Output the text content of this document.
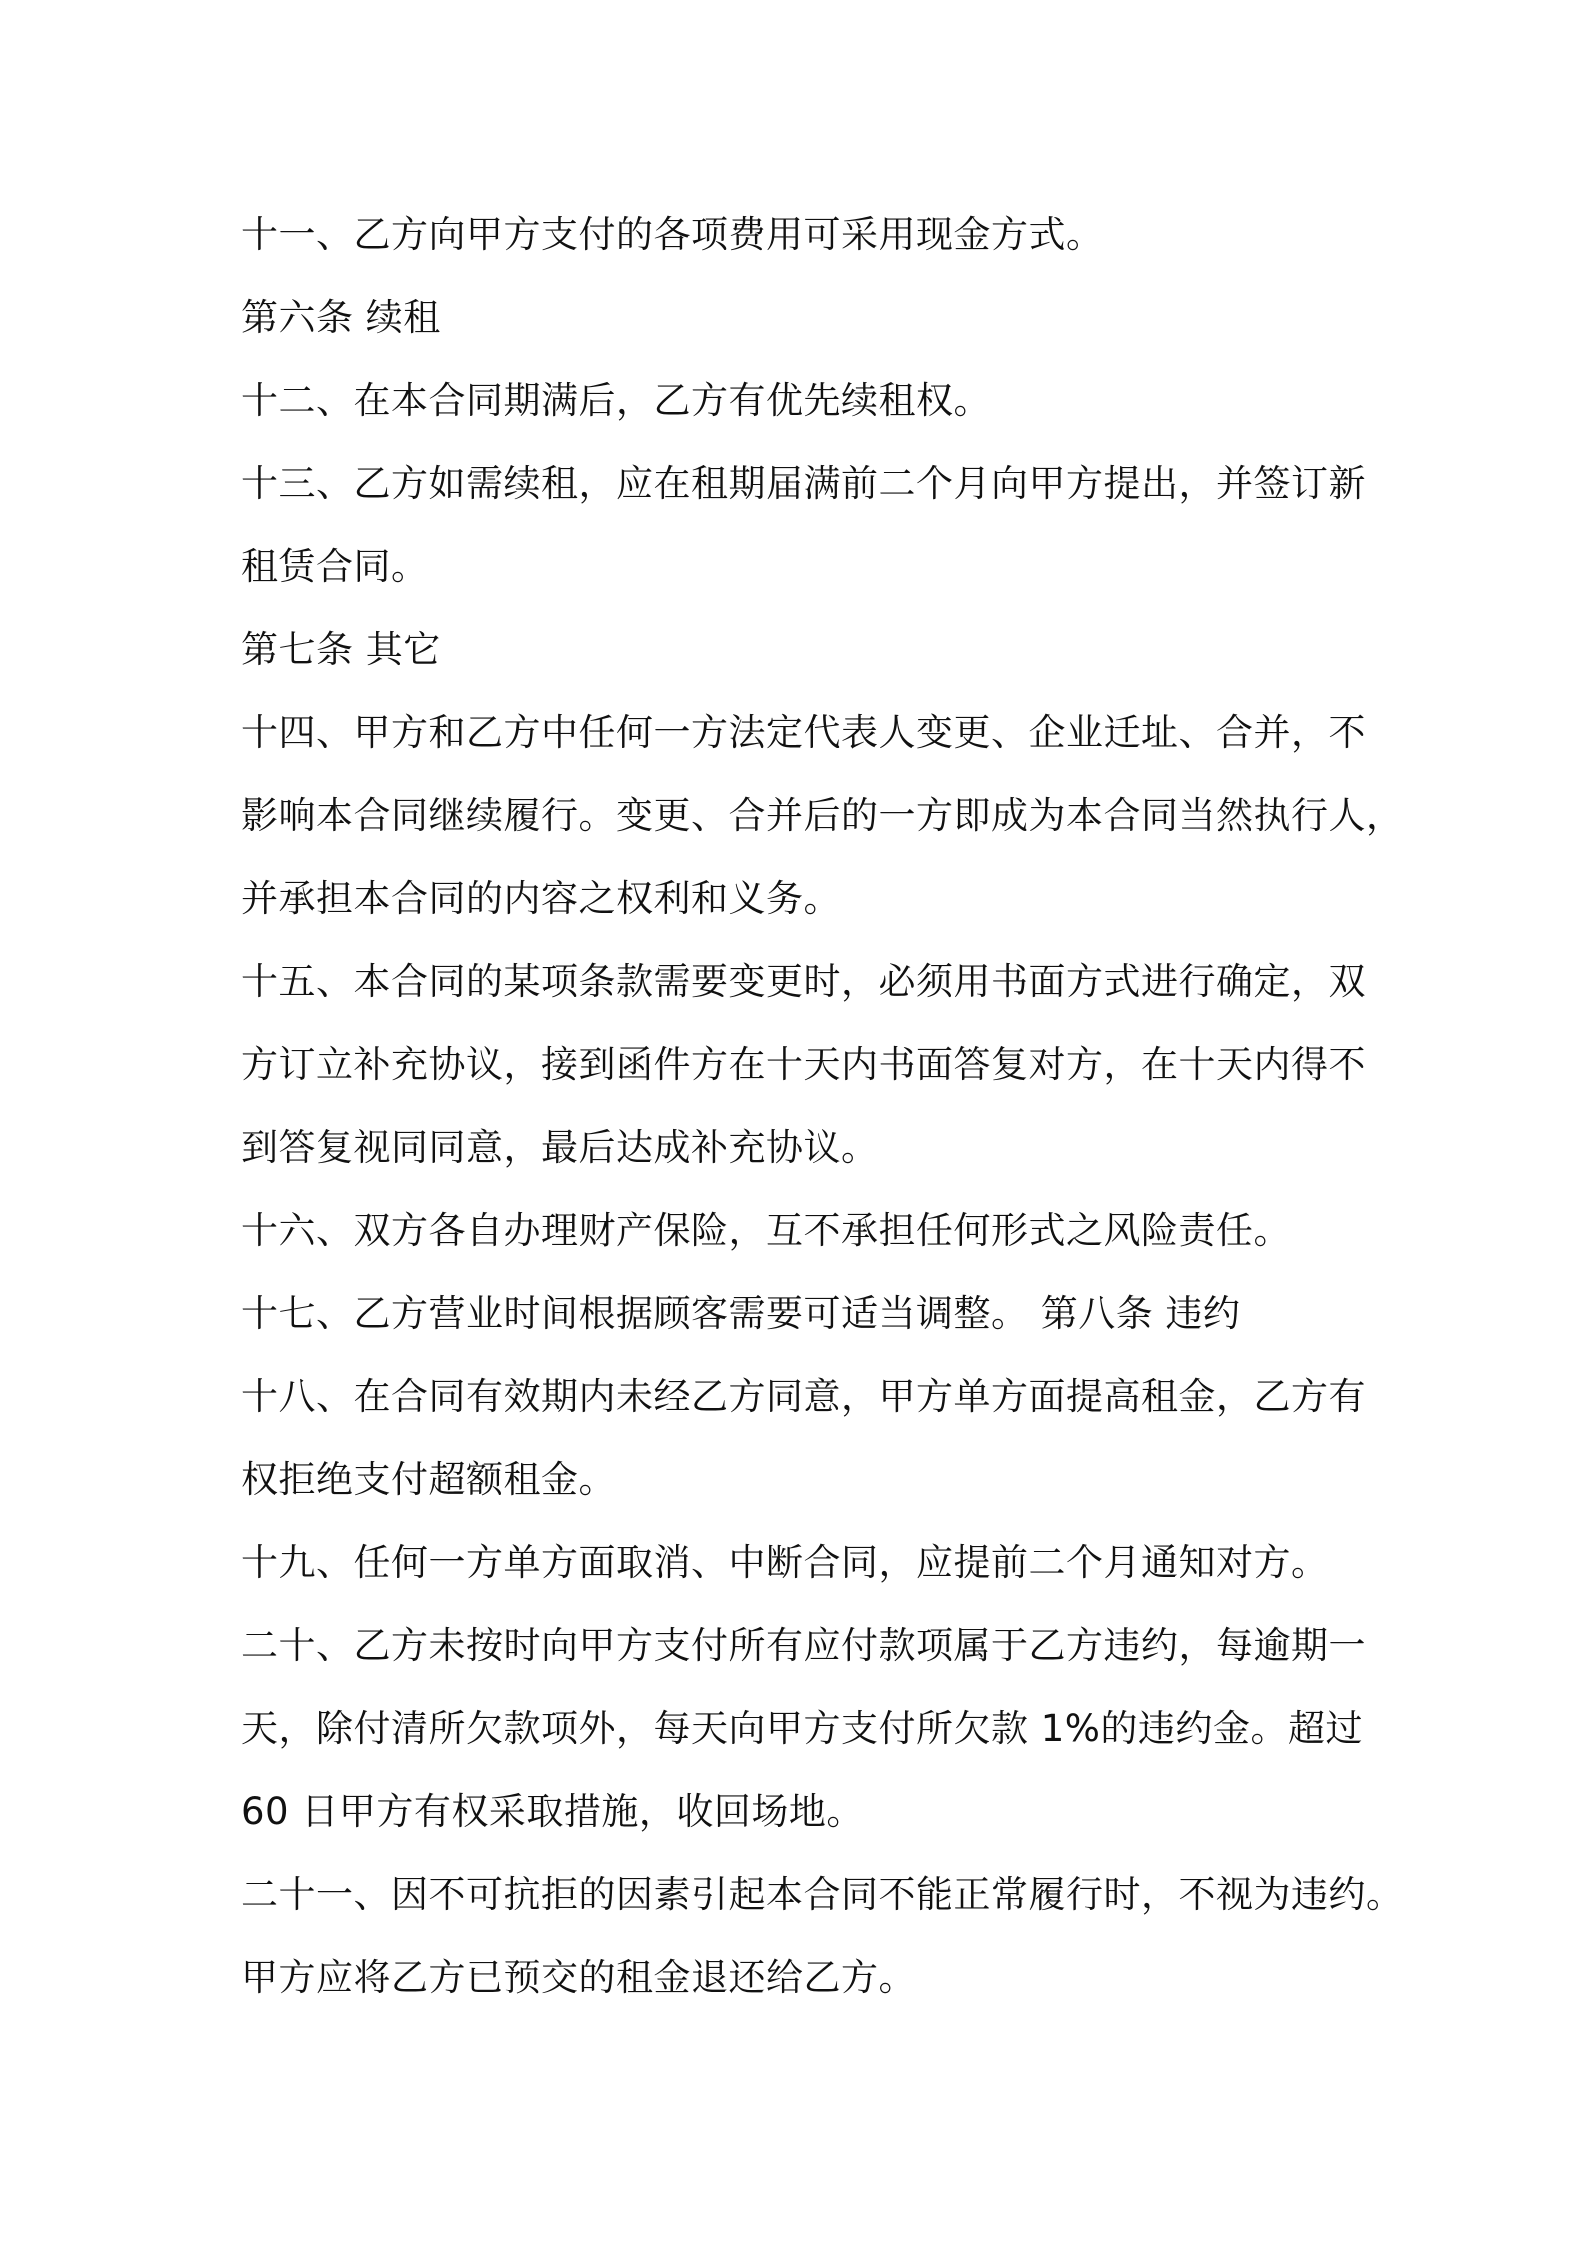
十一、乙方向甲方支付的各项费用可采用现金方式。
第六条 续租
十二、在本合同期满后，乙方有优先续租权。
十三、乙方如需续租，应在租期届满前二个月向甲方提出，并签订新
租赁合同。
第七条 其它
十四、甲方和乙方中任何一方法定代表人变更、企业迁址、合并，不
影响本合同继续履行。变更、合并后的一方即成为本合同当然执行人，
并承担本合同的内容之权利和义务。
十五、本合同的某项条款需要变更时，必须用书面方式进行确定，双
方订立补充协议，接到函件方在十天内书面答复对方，在十天内得不
到答复视同同意，最后达成补充协议。
十六、双方各自办理财产保险，互不承担任何形式之风险责任。
十七、乙方营业时间根据顾客需要可适当调整。 第八条 违约
十八、在合同有效期内未经乙方同意，甲方单方面提高租金，乙方有
权拒绝支付超额租金。
十九、任何一方单方面取消、中断合同，应提前二个月通知对方。
二十、乙方未按时向甲方支付所有应付款项属于乙方违约，每逾期一
天，除付清所欠款项外，每天向甲方支付所欠款 1%的违约金。超过
60 日甲方有权采取措施，收回场地。
二十一、因不可抗拒的因素引起本合同不能正常履行时，不视为违约。
甲方应将乙方已预交的租金退还给乙方。
